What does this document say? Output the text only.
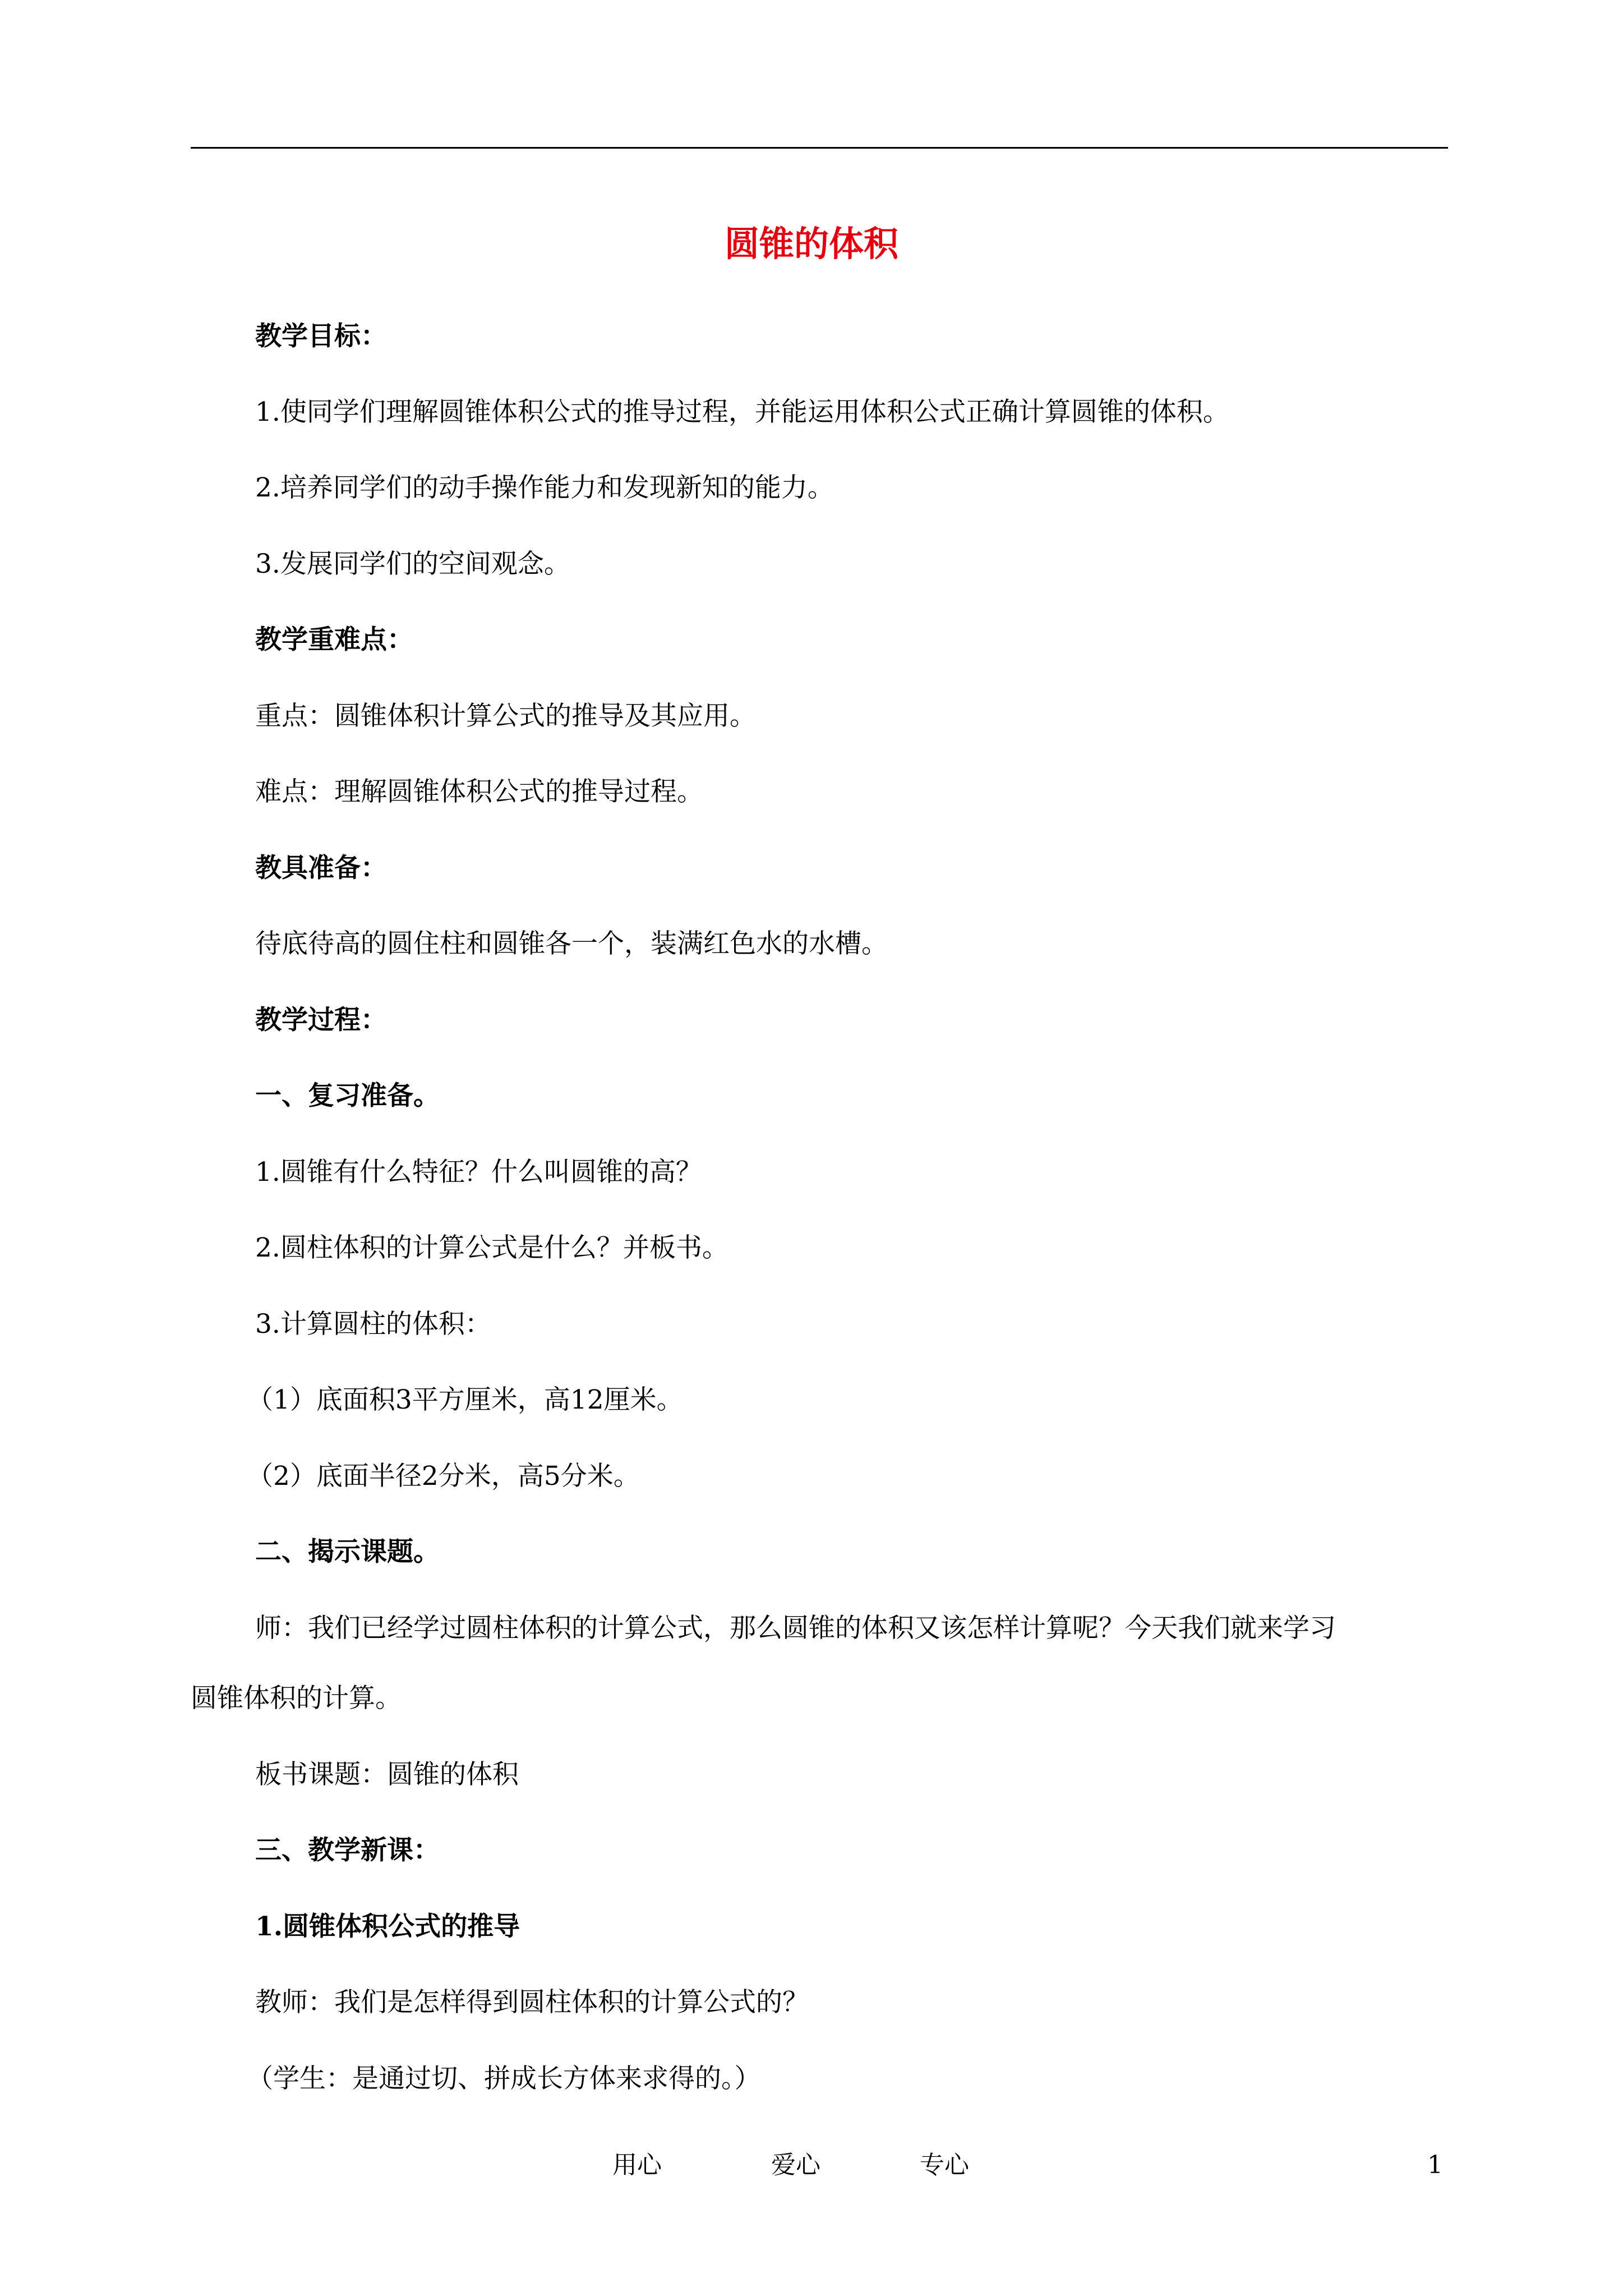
圆锥的体积
教学目标：
1.使同学们理解圆锥体积公式的推导过程，并能运用体积公式正确计算圆锥的体积。
2.培养同学们的动手操作能力和发现新知的能力。
3.发展同学们的空间观念。
教学重难点：
重点：圆锥体积计算公式的推导及其应用。
难点：理解圆锥体积公式的推导过程。
教具准备：
待底待高的圆住柱和圆锥各一个，装满红色水的水槽。
教学过程：
一、复习准备。
1.圆锥有什么特征？什么叫圆锥的高？
2.圆柱体积的计算公式是什么？并板书。
3.计算圆柱的体积：
（1）底面积3平方厘米，高12厘米。
（2）底面半径2分米，高5分米。
二、揭示课题。
师：我们已经学过圆柱体积的计算公式，那么圆锥的体积又该怎样计算呢？今天我们就来学习
圆锥体积的计算。
板书课题：圆锥的体积
三、教学新课：
1.圆锥体积公式的推导
教师：我们是怎样得到圆柱体积的计算公式的？
（学生：是通过切、拼成长方体来求得的。）
用心	爱心	专心	1
